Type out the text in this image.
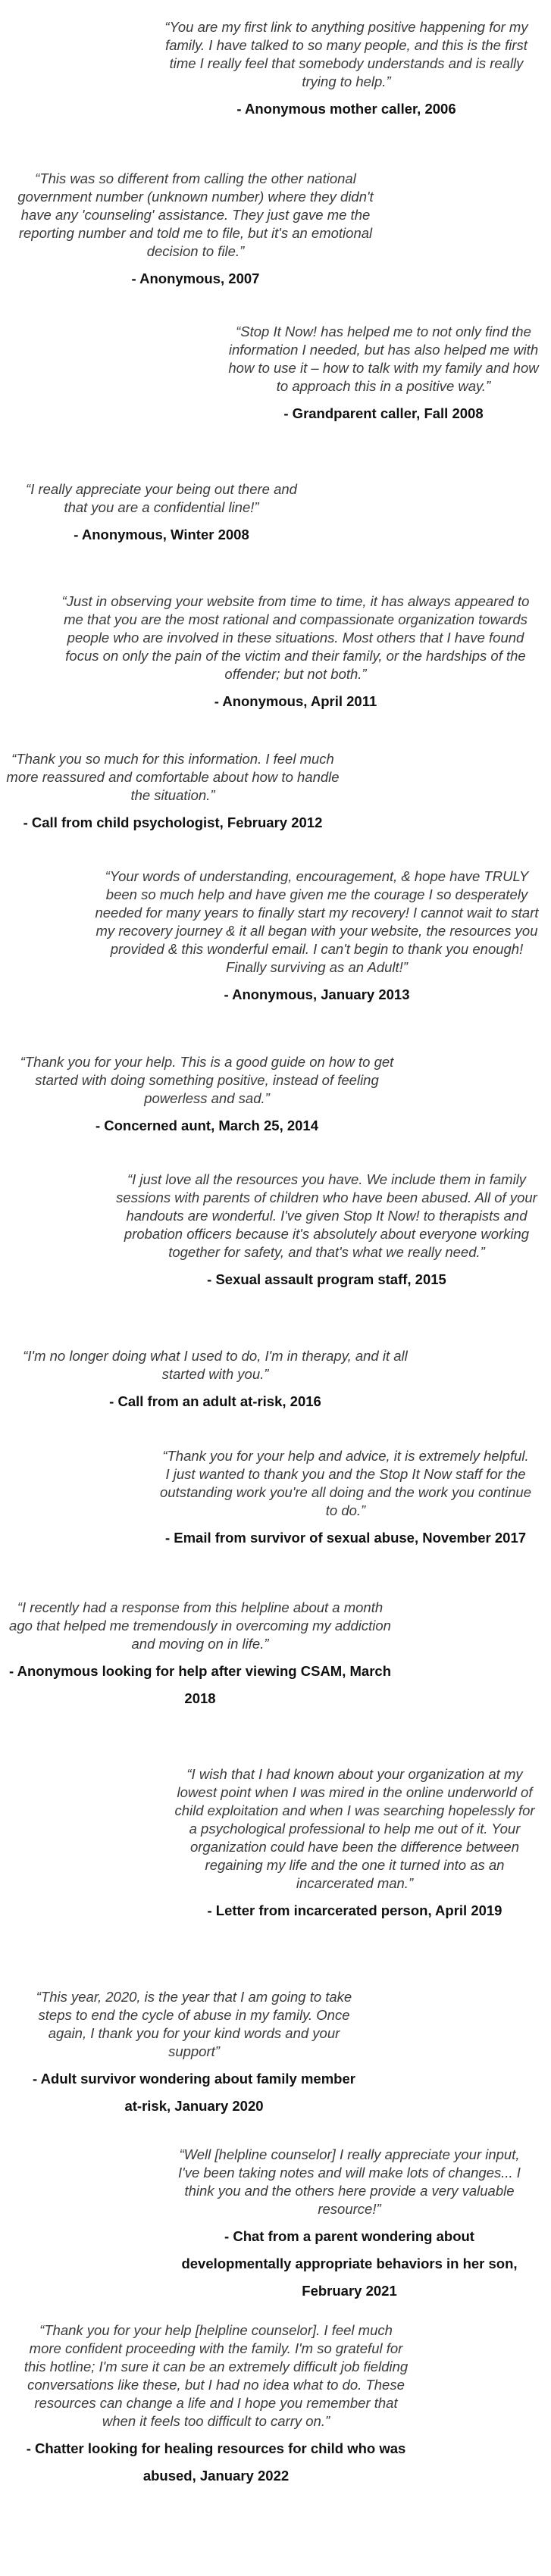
“You are my first link to anything positive happening for my family. I have talked to so many people, and this is the first time I really feel that somebody understands and is really trying to help.”

- Anonymous mother caller, 2006

“This was so different from calling the other national government number (unknown number) where they didn't have any 'counseling' assistance. They just gave me the reporting number and told me to file, but it's an emotional decision to file.”

- Anonymous, 2007

“Stop It Now! has helped me to not only find the information I needed, but has also helped me with how to use it – how to talk with my family and how to approach this in a positive way.”

- Grandparent caller, Fall 2008

“I really appreciate your being out there and that you are a confidential line!”

- Anonymous, Winter 2008

“Just in observing your website from time to time, it has always appeared to me that you are the most rational and compassionate organization towards people who are involved in these situations. Most others that I have found focus on only the pain of the victim and their family, or the hardships of the offender; but not both.”

- Anonymous, April 2011

“Thank you so much for this information. I feel much more reassured and comfortable about how to handle the situation.”

- Call from child psychologist, February 2012

“Your words of understanding, encouragement, & hope have TRULY been so much help and have given me the courage I so desperately needed for many years to finally start my recovery! I cannot wait to start my recovery journey & it all began with your website, the resources you provided & this wonderful email. I can't begin to thank you enough! Finally surviving as an Adult!”

- Anonymous, January 2013

“Thank you for your help. This is a good guide on how to get started with doing something positive, instead of feeling powerless and sad.”

- Concerned aunt, March 25, 2014

“I just love all the resources you have. We include them in family sessions with parents of children who have been abused. All of your handouts are wonderful. I've given Stop It Now! to therapists and probation officers because it's absolutely about everyone working together for safety, and that's what we really need.”

- Sexual assault program staff, 2015

“I'm no longer doing what I used to do, I'm in therapy, and it all started with you.”

- Call from an adult at-risk, 2016

“Thank you for your help and advice, it is extremely helpful. I just wanted to thank you and the Stop It Now staff for the outstanding work you're all doing and the work you continue to do.”

- Email from survivor of sexual abuse, November 2017

“I recently had a response from this helpline about a month ago that helped me tremendously in overcoming my addiction and moving on in life.”

- Anonymous looking for help after viewing CSAM, March 2018

“I wish that I had known about your organization at my lowest point when I was mired in the online underworld of child exploitation and when I was searching hopelessly for a psychological professional to help me out of it. Your organization could have been the difference between regaining my life and the one it turned into as an incarcerated man.”

- Letter from incarcerated person, April 2019

“This year, 2020, is the year that I am going to take steps to end the cycle of abuse in my family. Once again, I thank you for your kind words and your support”

- Adult survivor wondering about family member at-risk, January 2020

“Well [helpline counselor] I really appreciate your input, I've been taking notes and will make lots of changes... I think you and the others here provide a very valuable resource!”

- Chat from a parent wondering about developmentally appropriate behaviors in her son, February 2021

“Thank you for your help [helpline counselor]. I feel much more confident proceeding with the family. I'm so grateful for this hotline; I'm sure it can be an extremely difficult job fielding conversations like these, but I had no idea what to do. These resources can change a life and I hope you remember that when it feels too difficult to carry on.”

- Chatter looking for healing resources for child who was abused, January 2022
